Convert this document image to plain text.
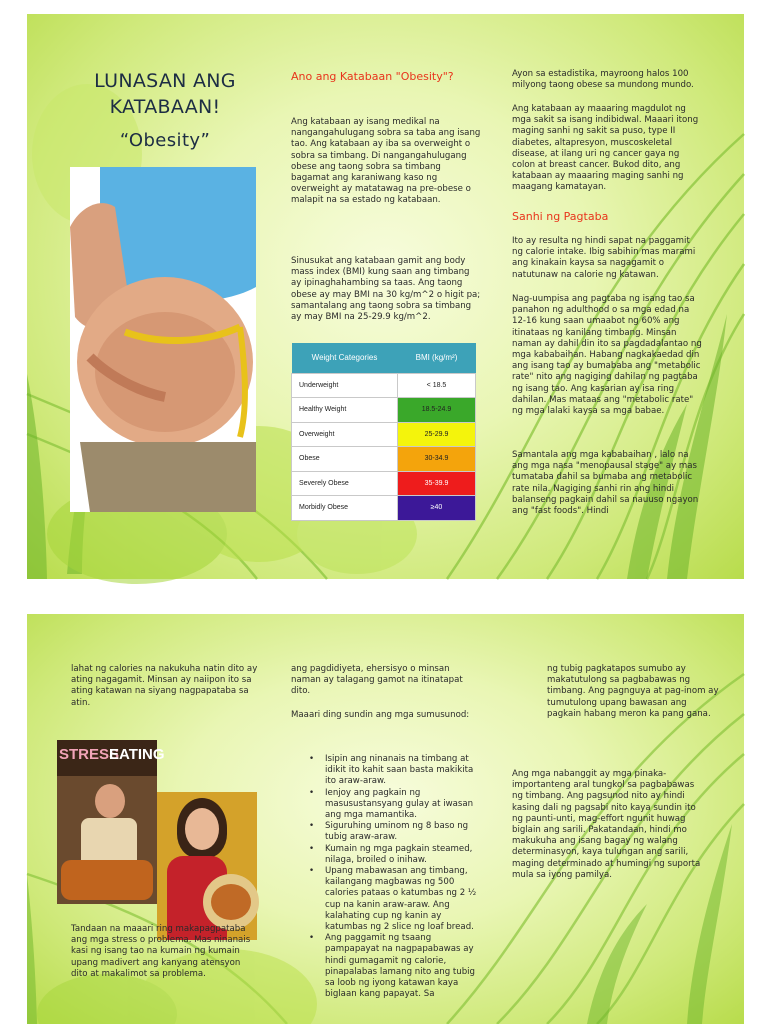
LUNASAN ANG KATABAAN!
“Obesity”
Ano ang Katabaan "Obesity"?
Ang katabaan ay isang medikal na nangangahulugang sobra sa taba ang isang tao. Ang katabaan ay iba sa overweight o sobra sa timbang. Di nangangahulugang obese ang taong sobra sa timbang bagamat ang karaniwang kaso ng overweight ay matatawag na pre-obese o malapit na sa estado ng katabaan.
Sinusukat ang katabaan gamit ang body mass index (BMI) kung saan ang timbang ay ipinaghahambing sa taas. Ang taong obese ay may BMI na 30 kg/m^2 o higit pa; samantalang ang taong sobra sa timbang ay may BMI na 25-29.9 kg/m^2.
Weight Categories	BMI (kg/m²)
Underweight	< 18.5
Healthy Weight	18.5-24.9
Overweight	25-29.9
Obese	30-34.9
Severely Obese	35-39.9
Morbidly Obese	≥40
Ayon sa estadistika, mayroong halos 100 milyong taong obese sa mundong mundo.
Ang katabaan ay maaaring magdulot ng mga sakit sa isang indibidwal. Maaari itong maging sanhi ng sakit sa puso, type II diabetes, altapresyon, muscoskeletal disease, at ilang uri ng cancer gaya ng colon at breast cancer. Bukod dito, ang katabaan ay maaaring maging sanhi ng maagang kamatayan.
Sanhi ng Pagtaba
Ito ay resulta ng hindi sapat na paggamit ng calorie intake. Ibig sabihin mas marami ang kinakain kaysa sa nagagamit o natutunaw na calorie ng katawan.
Nag-uumpisa ang pagtaba ng isang tao sa panahon ng adulthood o sa mga edad na 12-16 kung saan umaabot ng 60% ang itinataas ng kanilang timbang. Minsan naman ay dahil din ito sa pagdadalantao ng mga kababaihan. Habang nagkakaedad din ang isang tao ay bumababa ang "metabolic rate" nito ang nagiging dahilan ng pagtaba ng isang tao. Ang kasarian ay isa ring dahilan. Mas mataas ang "metabolic rate" ng mga lalaki kaysa sa mga babae.
Samantala ang mga kababaihan , lalo na ang mga nasa "menopausal stage" ay mas tumataba dahil sa bumaba ang metabolic rate nila. Nagiging sanhi rin ang hindi balanseng pagkain dahil sa nauuso ngayon ang "fast foods". Hindi
lahat ng calories na nakukuha natin dito ay ating nagagamit. Minsan ay naiipon ito sa ating katawan na siyang nagpapataba sa atin.
STRESS
EATING
Tandaan na maaari ring makapagpataba ang mga stress o problema. Mas ninanais kasi ng isang tao na kumain ng kumain upang madivert ang kanyang atensyon dito at makalimot sa problema.
ang pagdidiyeta, ehersisyo o minsan naman ay talagang gamot na itinatapat dito.
Maaari ding sundin ang mga sumusunod:
• Isipin ang ninanais na timbang at idikit ito kahit saan basta makikita ito araw-araw.
• Ienjoy ang pagkain ng masusustansyang gulay at iwasan ang mga mamantika.
• Siguruhing uminom ng 8 baso ng tubig araw-araw.
• Kumain ng mga pagkain steamed, nilaga, broiled o inihaw.
• Upang mabawasan ang timbang, kailangang magbawas ng 500 calories pataas o katumbas ng 2 ½ cup na kanin araw-araw. Ang kalahating cup ng kanin ay katumbas ng 2 slice ng loaf bread.
• Ang paggamit ng tsaang pampapayat na nagpapabawas ay hindi gumagamit ng calorie, pinapalabas lamang nito ang tubig sa loob ng iyong katawan kaya biglaan kang papayat. Sa
ng tubig pagkatapos sumubo ay makatutulong sa pagbabawas ng timbang. Ang pagnguya at pag-inom ay tumutulong upang bawasan ang pagkain habang meron ka pang gana.
Ang mga nabanggit ay mga pinaka-importanteng aral tungkol sa pagbabawas ng timbang. Ang pagsunod nito ay hindi kasing dali ng pagsabi nito kaya sundin ito ng paunti-unti, mag-effort ngunit huwag biglain ang sarili. Pakatandaan, hindi mo makukuha ang isang bagay ng walang determinasyon, kaya tulungan ang sarili, maging determinado at humingi ng suporta mula sa iyong pamilya.
